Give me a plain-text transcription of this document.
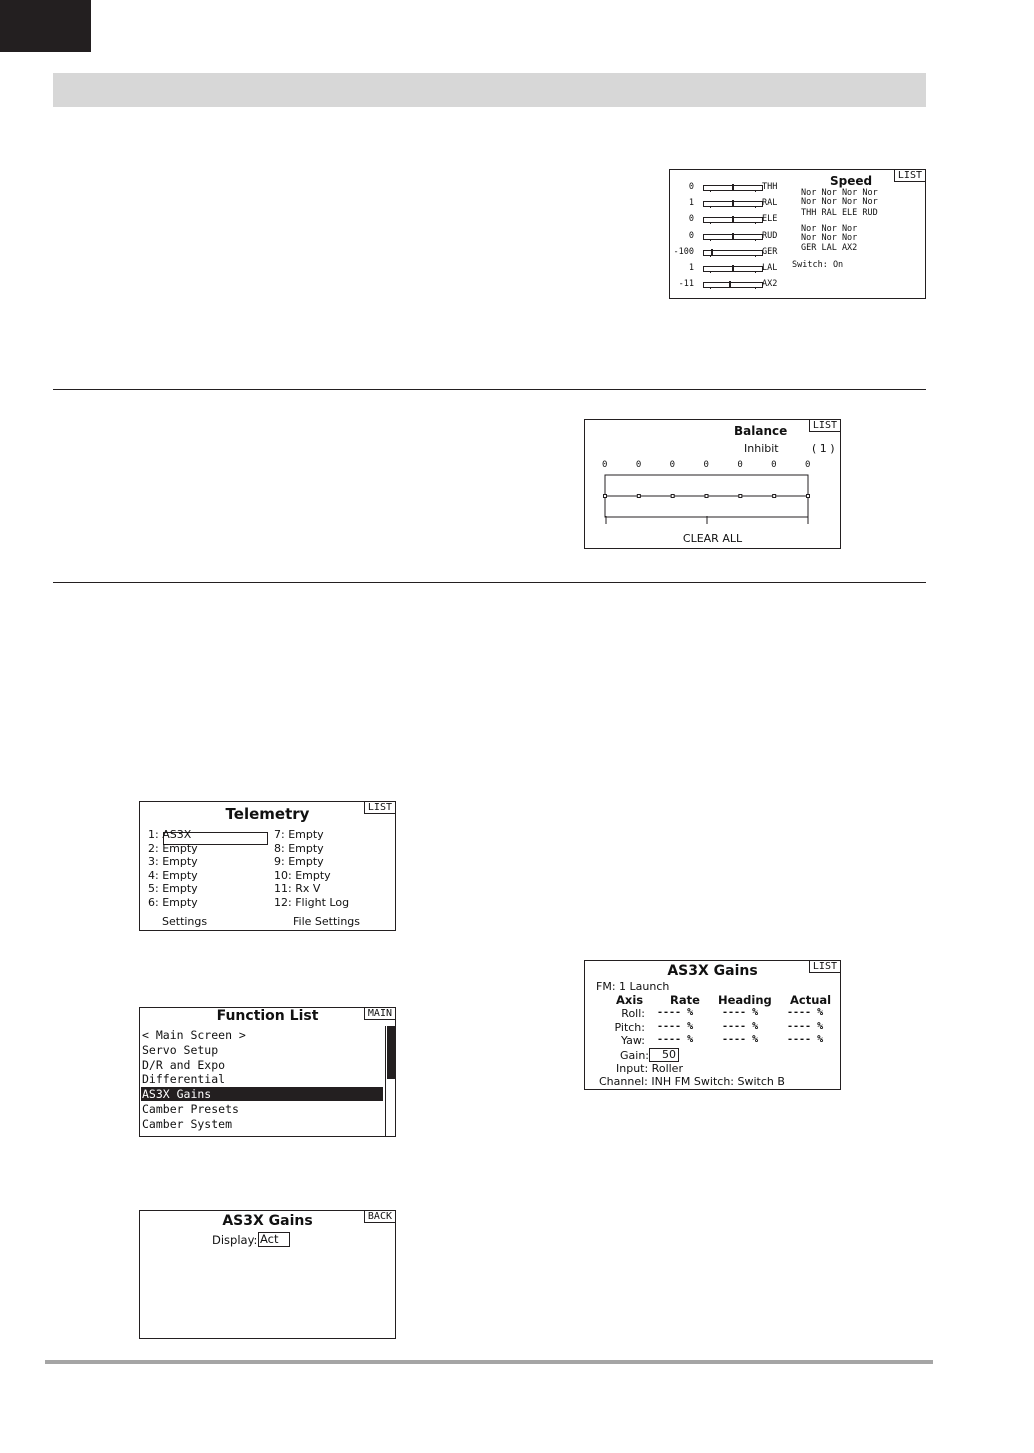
LIST
Speed
0	THH
1	RAL
0	ELE
0	RUD
-100	GER
1	LAL
-11	AX2
Nor Nor Nor Nor
Nor Nor Nor Nor
THH RAL ELE RUD
Nor Nor Nor
Nor Nor Nor
GER LAL AX2
Switch: On
LIST
Balance
Inhibit	( 1 )
0	0	0	0	0	0	0
CLEAR ALL
LIST
Telemetry
1: AS3X
2: Empty
3: Empty
4: Empty
5: Empty
6: Empty
7: Empty
8: Empty
9: Empty
10: Empty
11: Rx V
12: Flight Log
Settings	File Settings
MAIN
Function List
< Main Screen >
Servo Setup
D/R and Expo
Differential
AS3X Gains
Camber Presets
Camber System
BACK
AS3X Gains
Display: Act
LIST
AS3X Gains
FM: 1 Launch
Axis Rate Heading Actual
Roll: ---- %	---- %	---- %
Pitch: ---- %	---- %	---- %
Yaw: ---- %	---- %	---- %
Gain:	50
Input: Roller
Channel: INH FM Switch: Switch B
